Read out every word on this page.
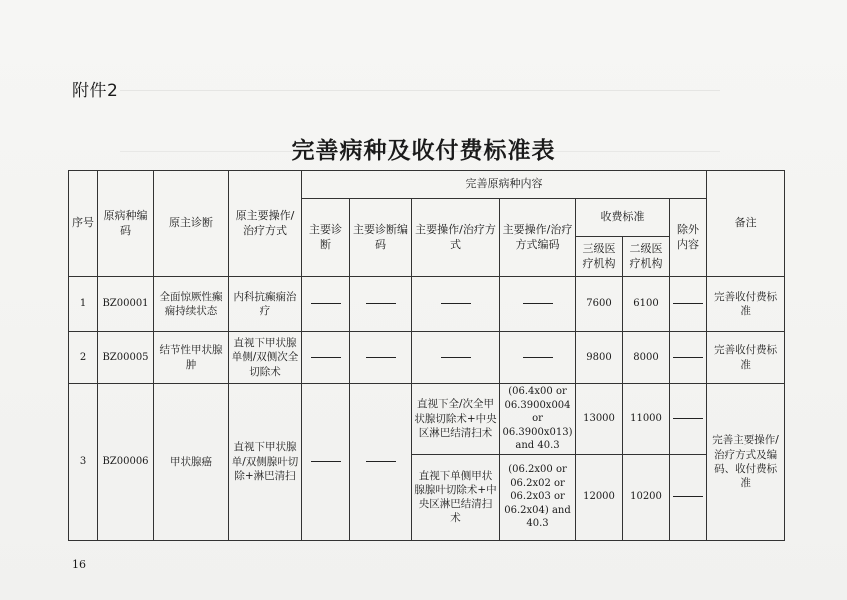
附件2
完善病种及收付费标准表
序号	原病种编码	原主诊断	原主要操作/治疗方式	完善原病种内容							备注
				主要诊断	主要诊断编码	主要操作/治疗方式	主要操作/治疗方式编码	收费标准		除外内容	
								三级医疗机构	二级医疗机构		
1	BZ00001	全面惊厥性癫痫持续状态	内科抗癫痫治疗					7600	6100		完善收付费标准
2	BZ00005	结节性甲状腺肿	直视下甲状腺单侧/双侧次全切除术					9800	8000		完善收付费标准
3	BZ00006	甲状腺癌	直视下甲状腺单/双侧腺叶切除+淋巴清扫			直视下全/次全甲状腺切除术+中央区淋巴结清扫术	(06.4x00 or 06.3900x004 or 06.3900x013) and 40.3	13000	11000		完善主要操作/治疗方式及编码、收付费标准
						直视下单侧甲状腺腺叶切除术+中央区淋巴结清扫术	(06.2x00 or 06.2x02 or 06.2x03 or 06.2x04) and 40.3	12000	10200		
16
